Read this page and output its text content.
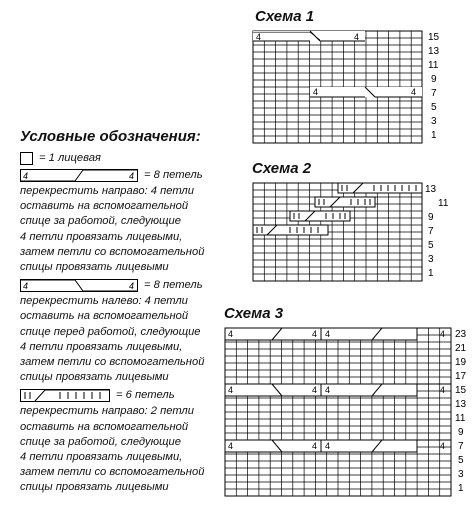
Схема 1
Схема 2
Схема 3
4	4
4	4
15
13
11
9
7
5
3
1
13
11
9
7
5
3
1
4	4 4	4
4	4 4	4
4	4 4	4
23
21
19
17
15
13
11
9
7
5
3
1
Условные обозначения:
= 1 лицевая
4 4 = 8 петель
перекрестить направо: 4 петли
оставить на вспомогательной
спице за работой, следующие
4 петли провязать лицевыми,
затем петли со вспомогательной
спицы провязать лицевыми
4 4 = 8 петель
перекрестить налево: 4 петли
оставить на вспомогательной
спице перед работой, следующие
4 петли провязать лицевыми,
затем петли со вспомогательной
спицы провязать лицевыми
= 6 петель
перекрестить направо: 2 петли
оставить на вспомогательной
спице за работой, следующие
4 петли провязать лицевыми,
затем петли со вспомогательной
спицы провязать лицевыми
